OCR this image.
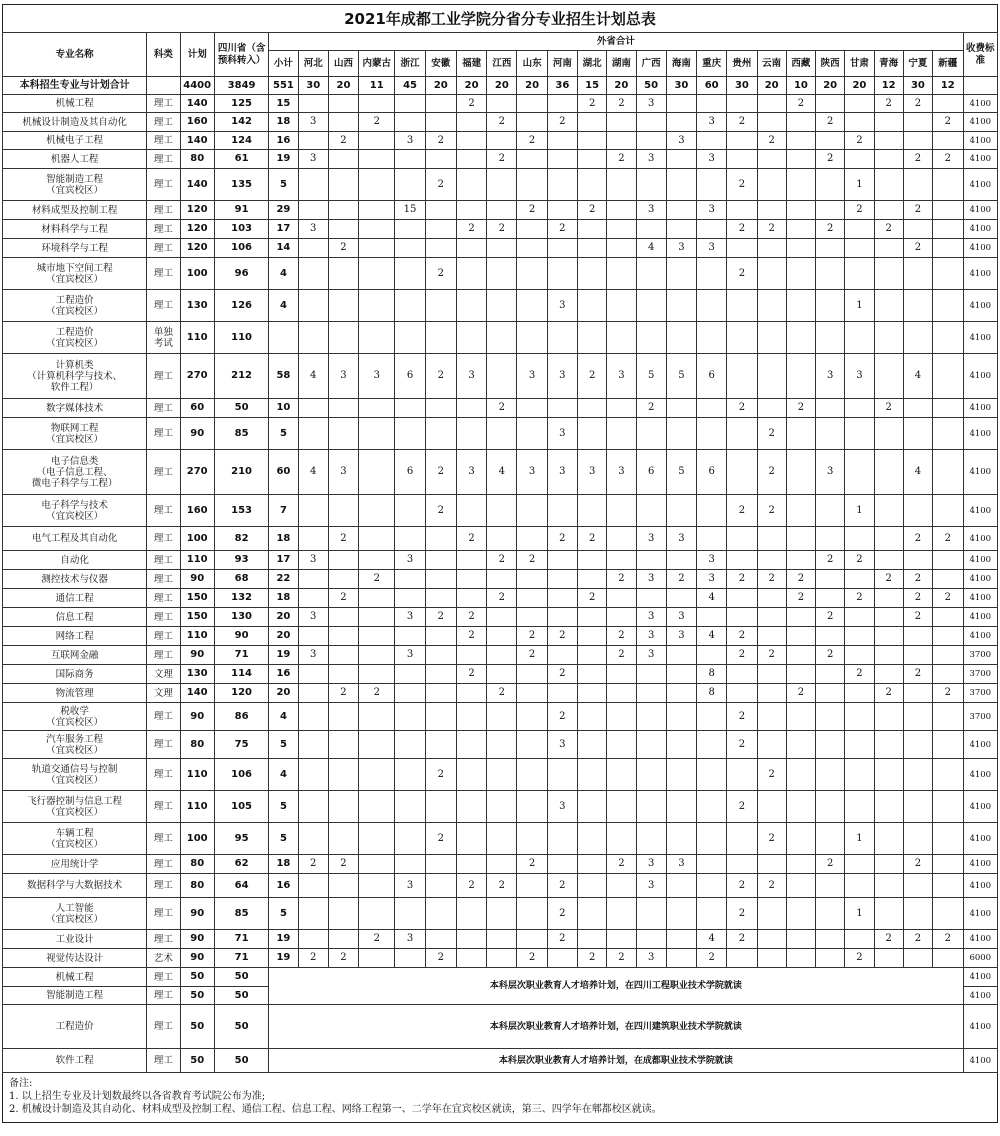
2021年成都工业学院分省分专业招生计划总表
专业名称	科类	计划	四川省（含预科转入）	外省合计																							收费标准
				小计	河北	山西	内蒙古	浙江	安徽	福建	江西	山东	河南	湖北	湖南	广西	海南	重庆	贵州	云南	西藏	陕西	甘肃	青海	宁夏	新疆	
本科招生专业与计划合计		4400	3849	551	30	20	11	45	20	20	20	20	36	15	20	50	30	60	30	20	10	20	20	12	30	12	
机械工程	理工	140	125	15						2				2	2	3					2			2	2		4100
机械设计制造及其自动化	理工	160	142	18	3		2				2		2					3	2			2				2	4100
机械电子工程	理工	140	124	16		2		3	2			2					3			2			2				4100
机器人工程	理工	80	61	19	3						2				2	3		3				2			2	2	4100
智能制造工程
（宜宾校区）	理工	140	135	5					2										2				1				4100
材料成型及控制工程	理工	120	91	29				15				2		2		3		3					2		2		4100
材料科学与工程	理工	120	103	17	3					2	2		2						2	2		2		2			4100
环境科学与工程	理工	120	106	14		2										4	3	3							2		4100
城市地下空间工程
（宜宾校区）	理工	100	96	4					2										2								4100
工程造价
（宜宾校区）	理工	130	126	4									3										1				4100
工程造价
（宜宾校区）	单独
考试	110	110																								4100
计算机类
（计算机科学与技术、
软件工程）	理工	270	212	58	4	3	3	6	2	3		3	3	2	3	5	5	6				3	3		4		4100
数字媒体技术	理工	60	50	10							2					2			2		2			2			4100
物联网工程
（宜宾校区）	理工	90	85	5									3							2							4100
电子信息类
（电子信息工程、
微电子科学与工程）	理工	270	210	60	4	3		6	2	3	4	3	3	3	3	6	5	6		2		3			4		4100
电子科学与技术
（宜宾校区）	理工	160	153	7					2										2	2			1				4100
电气工程及其自动化	理工	100	82	18		2				2			2	2		3	3								2	2	4100
自动化	理工	110	93	17	3			3			2	2						3				2	2				4100
测控技术与仪器	理工	90	68	22			2								2	3	2	3	2	2	2			2	2		4100
通信工程	理工	150	132	18		2					2			2				4			2		2		2	2	4100
信息工程	理工	150	130	20	3			3	2	2						3	3					2			2		4100
网络工程	理工	110	90	20						2		2	2		2	3	3	4	2								4100
互联网金融	理工	90	71	19	3			3				2			2	3			2	2		2					3700
国际商务	文理	130	114	16						2			2					8					2		2		3700
物流管理	文理	140	120	20		2	2				2							8			2			2		2	3700
税收学
（宜宾校区）	理工	90	86	4									2						2								3700
汽车服务工程
（宜宾校区）	理工	80	75	5									3						2								4100
轨道交通信号与控制
（宜宾校区）	理工	110	106	4					2											2							4100
飞行器控制与信息工程
（宜宾校区）	理工	110	105	5									3						2								4100
车辆工程
（宜宾校区）	理工	100	95	5					2											2			1				4100
应用统计学	理工	80	62	18	2	2						2			2	3	3					2			2		4100
数据科学与大数据技术	理工	80	64	16				3		2	2		2			3			2	2							4100
人工智能
（宜宾校区）	理工	90	85	5									2						2				1				4100
工业设计	理工	90	71	19			2	3					2					4	2					2	2	2	4100
视觉传达设计	艺术	90	71	19	2	2			2			2		2	2	3		2					2				6000
机械工程	理工	50	50	本科层次职业教育人才培养计划，在四川工程职业技术学院就读																							4100
智能制造工程	理工	50	50																								4100
工程造价	理工	50	50	本科层次职业教育人才培养计划，在四川建筑职业技术学院就读																							4100
软件工程	理工	50	50	本科层次职业教育人才培养计划，在成都职业技术学院就读																							4100
备注:
1. 以上招生专业及计划数最终以各省教育考试院公布为准;
2. 机械设计制造及其自动化、材料成型及控制工程、通信工程、信息工程、网络工程第一、二学年在宜宾校区就读，第三、四学年在郫都校区就读。
